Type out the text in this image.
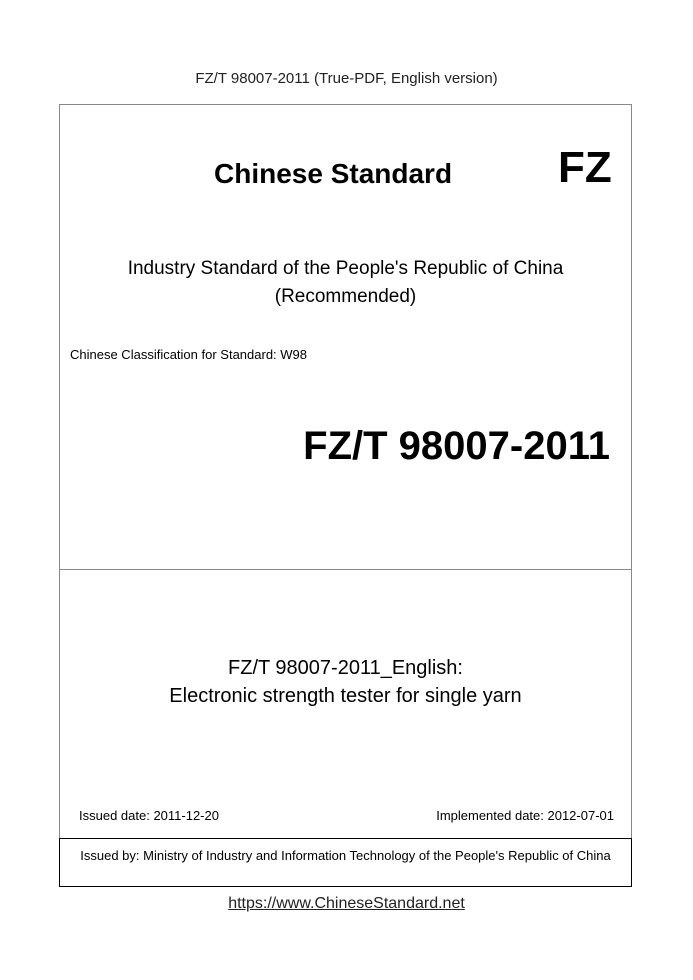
FZ/T 98007-2011 (True-PDF, English version)
Chinese Standard FZ
Industry Standard of the People's Republic of China
(Recommended)
Chinese Classification for Standard: W98
FZ/T 98007-2011
FZ/T 98007-2011_English:
Electronic strength tester for single yarn
Issued date: 2011-12-20	Implemented date: 2012-07-01
Issued by: Ministry of Industry and Information Technology of the People's Republic of China
https://www.ChineseStandard.net
